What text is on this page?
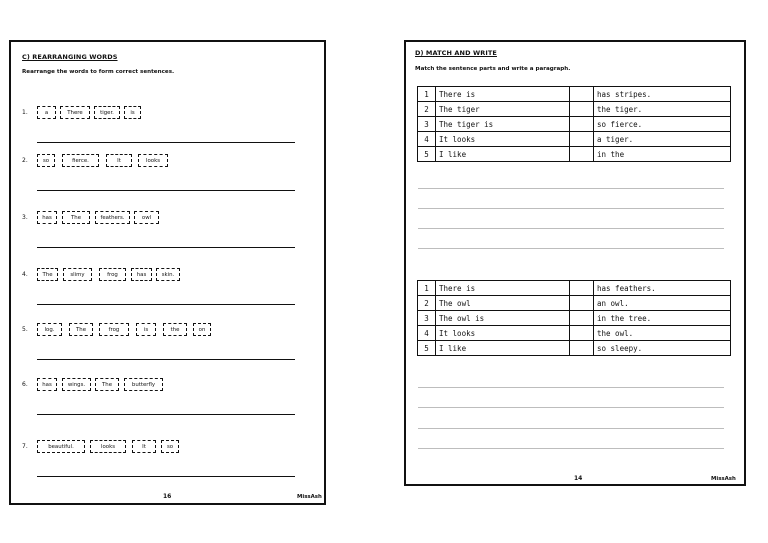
C) REARRANGING WORDS
Rearrange the words to form correct sentences.
1.	a	There	tiger.	is
2.	so	fierce.	It	looks
3.	has	The	feathers.	owl
4.	The	slimy	frog	has	skin.
5.	log.	The	frog	is	the	on
6.	has	wings.	The	butterfly
7.	beautiful.	looks	It	so
16	MissAsh
D) MATCH AND WRITE
Match the sentence parts and write a paragraph.
1	There is		has stripes.
2	The tiger		the tiger.
3	The tiger is		so fierce.
4	It looks		a tiger.
5	I like		in the
1	There is		has feathers.
2	The owl		an owl.
3	The owl is		in the tree.
4	It looks		the owl.
5	I like		so sleepy.
14	MissAsh
